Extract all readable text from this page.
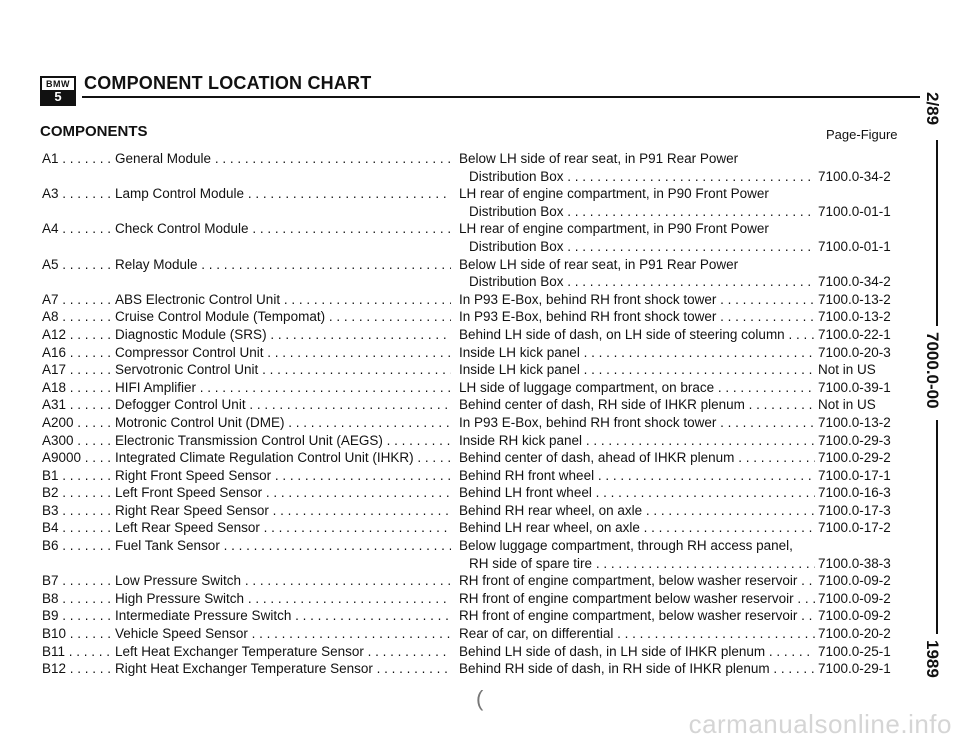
BMW
5
COMPONENT LOCATION CHART
COMPONENTS	Page-Figure
A1 . . .	General Module . . .	Below LH side of rear seat, in P91 Rear Power
Distribution Box . . .	7100.0-34-2
A3 . . .	Lamp Control Module . . .	LH rear of engine compartment, in P90 Front Power
Distribution Box . . .	7100.0-01-1
A4 . . .	Check Control Module . . .	LH rear of engine compartment, in P90 Front Power
Distribution Box . . .	7100.0-01-1
A5 . . .	Relay Module . . .	Below LH side of rear seat, in P91 Rear Power
Distribution Box . . .	7100.0-34-2
A7 . . .	ABS Electronic Control Unit . . .	In P93 E-Box, behind RH front shock tower . . .	7100.0-13-2
A8 . . .	Cruise Control Module (Tempomat) . . .	In P93 E-Box, behind RH front shock tower . . .	7100.0-13-2
A12 . . .	Diagnostic Module (SRS) . . .	Behind LH side of dash, on LH side of steering column . . .	7100.0-22-1
A16 . . .	Compressor Control Unit . . .	Inside LH kick panel . . .	7100.0-20-3
A17 . . .	Servotronic Control Unit . . .	Inside LH kick panel . . .	Not in US
A18 . . .	HIFI Amplifier . . .	LH side of luggage compartment, on brace . . .	7100.0-39-1
A31 . . .	Defogger Control Unit . . .	Behind center of dash, RH side of IHKR plenum . . .	Not in US
A200 . . .	Motronic Control Unit (DME) . . .	In P93 E-Box, behind RH front shock tower . . .	7100.0-13-2
A300 . . .	Electronic Transmission Control Unit (AEGS) . . .	Inside RH kick panel . . .	7100.0-29-3
A9000 . . .	Integrated Climate Regulation Control Unit (IHKR) . . .	Behind center of dash, ahead of IHKR plenum . . .	7100.0-29-2
B1 . . .	Right Front Speed Sensor . . .	Behind RH front wheel . . .	7100.0-17-1
B2 . . .	Left Front Speed Sensor . . .	Behind LH front wheel . . .	7100.0-16-3
B3 . . .	Right Rear Speed Sensor . . .	Behind RH rear wheel, on axle . . .	7100.0-17-3
B4 . . .	Left Rear Speed Sensor . . .	Behind LH rear wheel, on axle . . .	7100.0-17-2
B6 . . .	Fuel Tank Sensor . . .	Below luggage compartment, through RH access panel,
RH side of spare tire . . .	7100.0-38-3
B7 . . .	Low Pressure Switch . . .	RH front of engine compartment, below washer reservoir . . .	7100.0-09-2
B8 . . .	High Pressure Switch . . .	RH front of engine compartment below washer reservoir . . .	7100.0-09-2
B9 . . .	Intermediate Pressure Switch . . .	RH front of engine compartment, below washer reservoir . . .	7100.0-09-2
B10 . . .	Vehicle Speed Sensor . . .	Rear of car, on differential . . .	7100.0-20-2
B11 . . .	Left Heat Exchanger Temperature Sensor . . .	Behind LH side of dash, in LH side of IHKR plenum . . .	7100.0-25-1
B12 . . .	Right Heat Exchanger Temperature Sensor . . .	Behind RH side of dash, in RH side of IHKR plenum . . .	7100.0-29-1
2/89
7000.0-00
1989
(
carmanualsonline.info
